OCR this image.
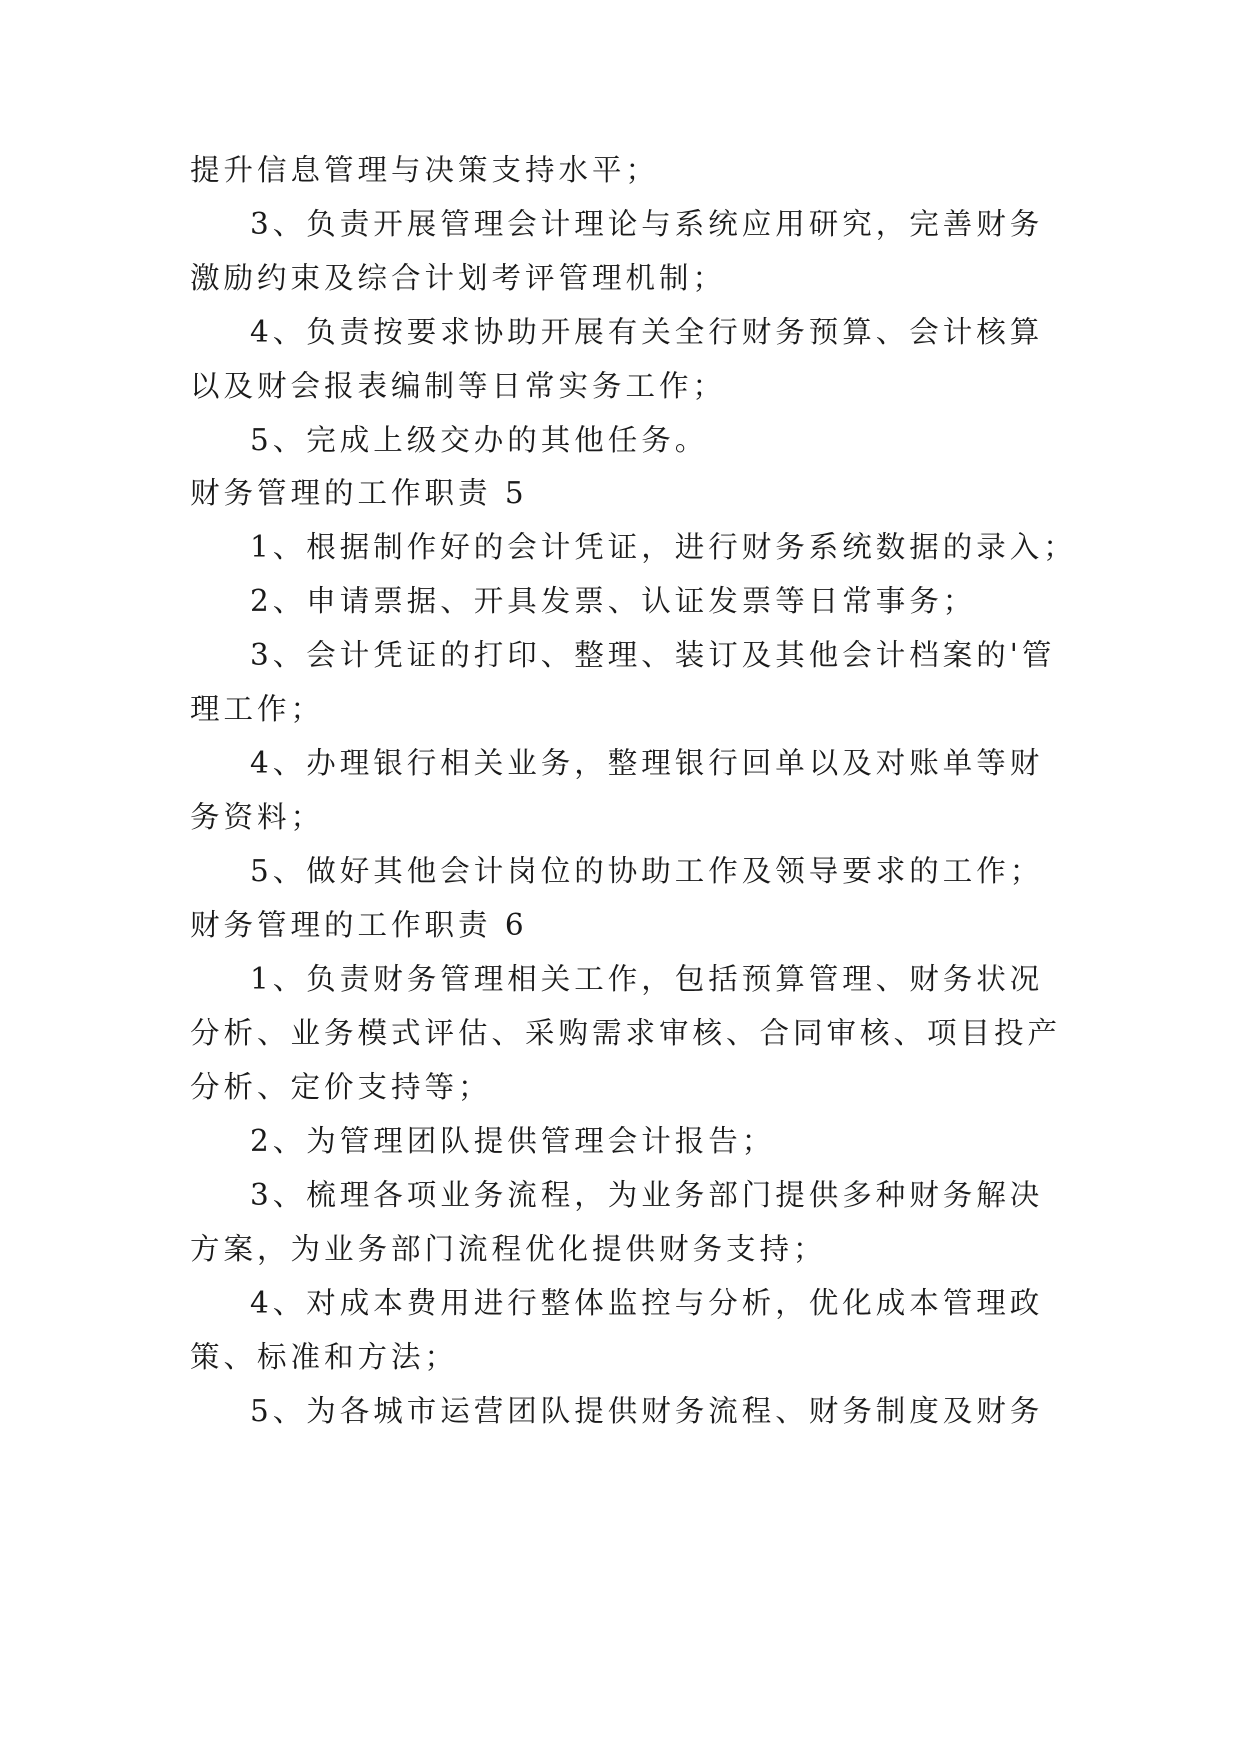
提升信息管理与决策支持水平；

3、负责开展管理会计理论与系统应用研究，完善财务

激励约束及综合计划考评管理机制；

4、负责按要求协助开展有关全行财务预算、会计核算

以及财会报表编制等日常实务工作；

5、完成上级交办的其他任务。

财务管理的工作职责 5

1、根据制作好的会计凭证，进行财务系统数据的录入；

2、申请票据、开具发票、认证发票等日常事务；

3、会计凭证的打印、整理、装订及其他会计档案的'管

理工作；

4、办理银行相关业务，整理银行回单以及对账单等财

务资料；

5、做好其他会计岗位的协助工作及领导要求的工作；

财务管理的工作职责 6

1、负责财务管理相关工作，包括预算管理、财务状况

分析、业务模式评估、采购需求审核、合同审核、项目投产

分析、定价支持等；

2、为管理团队提供管理会计报告；

3、梳理各项业务流程，为业务部门提供多种财务解决

方案，为业务部门流程优化提供财务支持；

4、对成本费用进行整体监控与分析，优化成本管理政

策、标准和方法；

5、为各城市运营团队提供财务流程、财务制度及财务
